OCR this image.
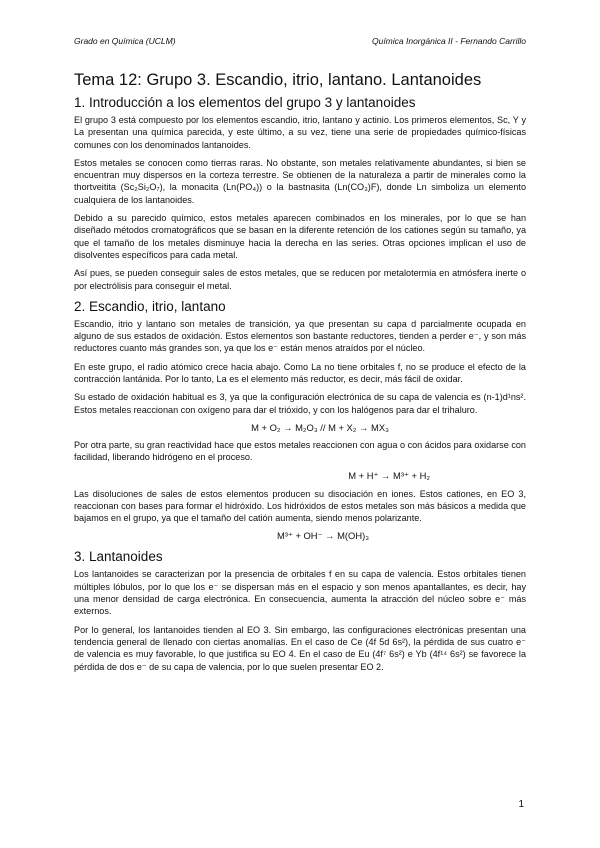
Grado en Química (UCLM)	Química Inorgánica II - Fernando Carrillo
Tema 12: Grupo 3. Escandio, itrio, lantano. Lantanoides
1. Introducción a los elementos del grupo 3 y lantanoides

El grupo 3 está compuesto por los elementos escandio, itrio, lantano y actinio. Los primeros elementos, Sc, Y y La presentan una química parecida, y este último, a su vez, tiene una serie de propiedades químico-físicas comunes con los denominados lantanoides.

Estos metales se conocen como tierras raras. No obstante, son metales relativamente abundantes, si bien se encuentran muy dispersos en la corteza terrestre. Se obtienen de la naturaleza a partir de minerales como la thortveitita (Sc₂Si₂O₇), la monacita (Ln(PO₄)) o la bastnasita (Ln(CO₃)F), donde Ln simboliza un elemento cualquiera de los lantanoides.

Debido a su parecido químico, estos metales aparecen combinados en los minerales, por lo que se han diseñado métodos cromatográficos que se basan en la diferente retención de los cationes según su tamaño, ya que el tamaño de los metales disminuye hacia la derecha en las series. Otras opciones implican el uso de disolventes específicos para cada metal.

Así pues, se pueden conseguir sales de estos metales, que se reducen por metalotermia en atmósfera inerte o por electrólisis para conseguir el metal.

2. Escandio, itrio, lantano

Escandio, itrio y lantano son metales de transición, ya que presentan su capa d parcialmente ocupada en alguno de sus estados de oxidación. Estos elementos son bastante reductores, tienden a perder e⁻, y son más reductores cuanto más grandes son, ya que los e⁻ están menos atraídos por el núcleo.

En este grupo, el radio atómico crece hacia abajo. Como La no tiene orbitales f, no se produce el efecto de la contracción lantánida. Por lo tanto, La es el elemento más reductor, es decir, más fácil de oxidar.

Su estado de oxidación habitual es 3, ya que la configuración electrónica de su capa de valencia es (n-1)d¹ns². Estos metales reaccionan con oxígeno para dar el trióxido, y con los halógenos para dar el trihaluro.

M + O₂ → M₂O₃ // M + X₂ → MX₃

Por otra parte, su gran reactividad hace que estos metales reaccionen con agua o con ácidos para oxidarse con facilidad, liberando hidrógeno en el proceso.

M + H⁺ → M³⁺ + H₂

Las disoluciones de sales de estos elementos producen su disociación en iones. Estos cationes, en EO 3, reaccionan con bases para formar el hidróxido. Los hidróxidos de estos metales son más básicos a medida que bajamos en el grupo, ya que el tamaño del catión aumenta, siendo menos polarizante.

M³⁺ + OH⁻ → M(OH)₃
3. Lantanoides

Los lantanoides se caracterizan por la presencia de orbitales f en su capa de valencia. Estos orbitales tienen múltiples lóbulos, por lo que los e⁻ se dispersan más en el espacio y son menos apantallantes, es decir, hay una menor densidad de carga electrónica. En consecuencia, aumenta la atracción del núcleo sobre e⁻ más externos.

Por lo general, los lantanoides tienden al EO 3. Sin embargo, las configuraciones electrónicas presentan una tendencia general de llenado con ciertas anomalías. En el caso de Ce (4f 5d 6s²), la pérdida de sus cuatro e⁻ de valencia es muy favorable, lo que justifica su EO 4. En el caso de Eu (4f⁷ 6s²) e Yb (4f¹⁴ 6s²) se favorece la pérdida de dos e⁻ de su capa de valencia, por lo que suelen presentar EO 2.

1
